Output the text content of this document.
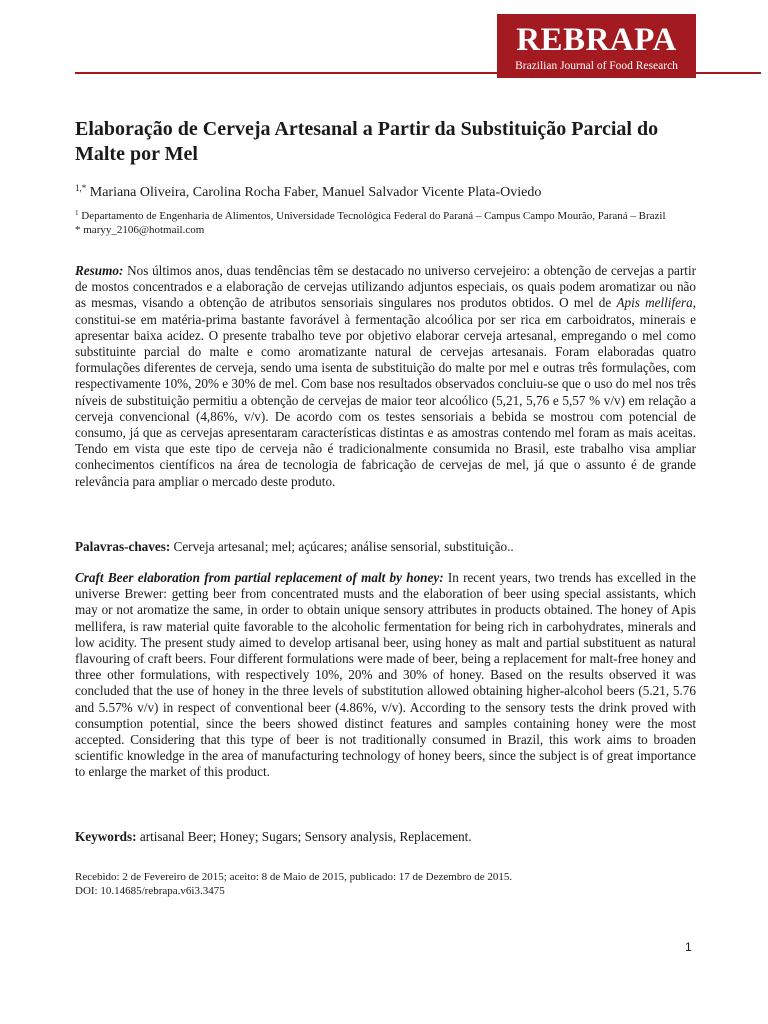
REBRAPA
Brazilian Journal of Food Research
Elaboração de Cerveja Artesanal a Partir da Substituição Parcial do Malte por Mel
$^{1,*}$ Mariana Oliveira, Carolina Rocha Faber, Manuel Salvador Vicente Plata-Oviedo
$^1$ Departamento de Engenharia de Alimentos, Universidade Tecnológica Federal do Paraná – Campus Campo Mourão, Paraná – Brazil
* maryy_2106@hotmail.com

Resumo: Nos últimos anos, duas tendências têm se destacado no universo cervejeiro: a obtenção de cervejas a partir de mostos concentrados e a elaboração de cervejas utilizando adjuntos especiais, os quais podem aromatizar ou não as mesmas, visando a obtenção de atributos sensoriais singulares nos produtos obtidos. O mel de Apis mellifera, constitui-se em matéria-prima bastante favorável à fermentação alcoólica por ser rica em carboidratos, minerais e apresentar baixa acidez. O presente trabalho teve por objetivo elaborar cerveja artesanal, empregando o mel como substituinte parcial do malte e como aromatizante natural de cervejas artesanais. Foram elaboradas quatro formulações diferentes de cerveja, sendo uma isenta de substituição do malte por mel e outras três formulações, com respectivamente 10%, 20% e 30% de mel. Com base nos resultados observados concluiu-se que o uso do mel nos três níveis de substituição permitiu a obtenção de cervejas de maior teor alcoólico (5,21, 5,76 e 5,57 % v/v) em relação a cerveja convencional (4,86%, v/v). De acordo com os testes sensoriais a bebida se mostrou com potencial de consumo, já que as cervejas apresentaram características distintas e as amostras contendo mel foram as mais aceitas. Tendo em vista que este tipo de cerveja não é tradicionalmente consumida no Brasil, este trabalho visa ampliar conhecimentos científicos na área de tecnologia de fabricação de cervejas de mel, já que o assunto é de grande relevância para ampliar o mercado deste produto.

Palavras-chaves: Cerveja artesanal; mel; açúcares; análise sensorial, substituição..

Craft Beer elaboration from partial replacement of malt by honey: In recent years, two trends has excelled in the universe Brewer: getting beer from concentrated musts and the elaboration of beer using special assistants, which may or not aromatize the same, in order to obtain unique sensory attributes in products obtained. The honey of Apis mellifera, is raw material quite favorable to the alcoholic fermentation for being rich in carbohydrates, minerals and low acidity. The present study aimed to develop artisanal beer, using honey as malt and partial substituent as natural flavouring of craft beers. Four different formulations were made of beer, being a replacement for malt-free honey and three other formulations, with respectively 10%, 20% and 30% of honey. Based on the results observed it was concluded that the use of honey in the three levels of substitution allowed obtaining higher-alcohol beers (5.21, 5.76 and 5.57% v/v) in respect of conventional beer (4.86%, v/v). According to the sensory tests the drink proved with consumption potential, since the beers showed distinct features and samples containing honey were the most accepted. Considering that this type of beer is not traditionally consumed in Brazil, this work aims to broaden scientific knowledge in the area of manufacturing technology of honey beers, since the subject is of great importance to enlarge the market of this product.

Keywords: artisanal Beer; Honey; Sugars; Sensory analysis, Replacement.

Recebido: 2 de Fevereiro de 2015; aceito: 8 de Maio de 2015, publicado: 17 de Dezembro de 2015.
DOI: 10.14685/rebrapa.v6i3.3475
1
